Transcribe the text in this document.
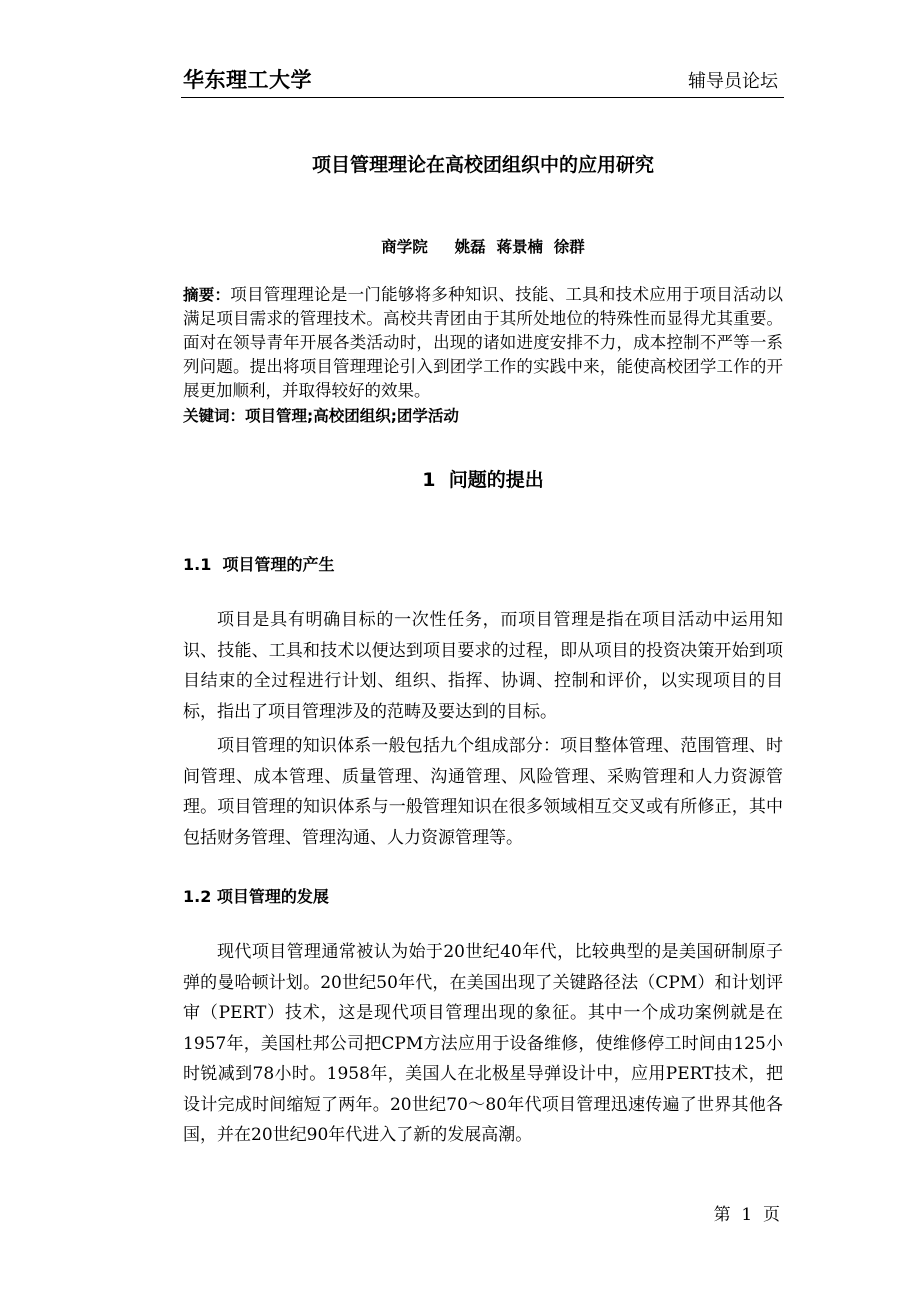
华东理工大学	辅导员论坛
项目管理理论在高校团组织中的应用研究
商学院     姚磊  蒋景楠  徐群
摘要：项目管理理论是一门能够将多种知识、技能、工具和技术应用于项目活动以满足项目需求的管理技术。高校共青团由于其所处地位的特殊性而显得尤其重要。面对在领导青年开展各类活动时，出现的诸如进度安排不力，成本控制不严等一系列问题。提出将项目管理理论引入到团学工作的实践中来，能使高校团学工作的开展更加顺利，并取得较好的效果。
关键词：项目管理;高校团组织;团学活动
1  问题的提出
1.1  项目管理的产生
项目是具有明确目标的一次性任务，而项目管理是指在项目活动中运用知识、技能、工具和技术以便达到项目要求的过程，即从项目的投资决策开始到项目结束的全过程进行计划、组织、指挥、协调、控制和评价，以实现项目的目标，指出了项目管理涉及的范畴及要达到的目标。
项目管理的知识体系一般包括九个组成部分：项目整体管理、范围管理、时间管理、成本管理、质量管理、沟通管理、风险管理、采购管理和人力资源管理。项目管理的知识体系与一般管理知识在很多领域相互交叉或有所修正，其中包括财务管理、管理沟通、人力资源管理等。
1.2 项目管理的发展
现代项目管理通常被认为始于20世纪40年代，比较典型的是美国研制原子弹的曼哈顿计划。20世纪50年代，在美国出现了关键路径法（CPM）和计划评审（PERT）技术，这是现代项目管理出现的象征。其中一个成功案例就是在1957年，美国杜邦公司把CPM方法应用于设备维修，使维修停工时间由125小时锐减到78小时。1958年，美国人在北极星导弹设计中，应用PERT技术，把设计完成时间缩短了两年。20世纪70～80年代项目管理迅速传遍了世界其他各国，并在20世纪90年代进入了新的发展高潮。
第  1  页
